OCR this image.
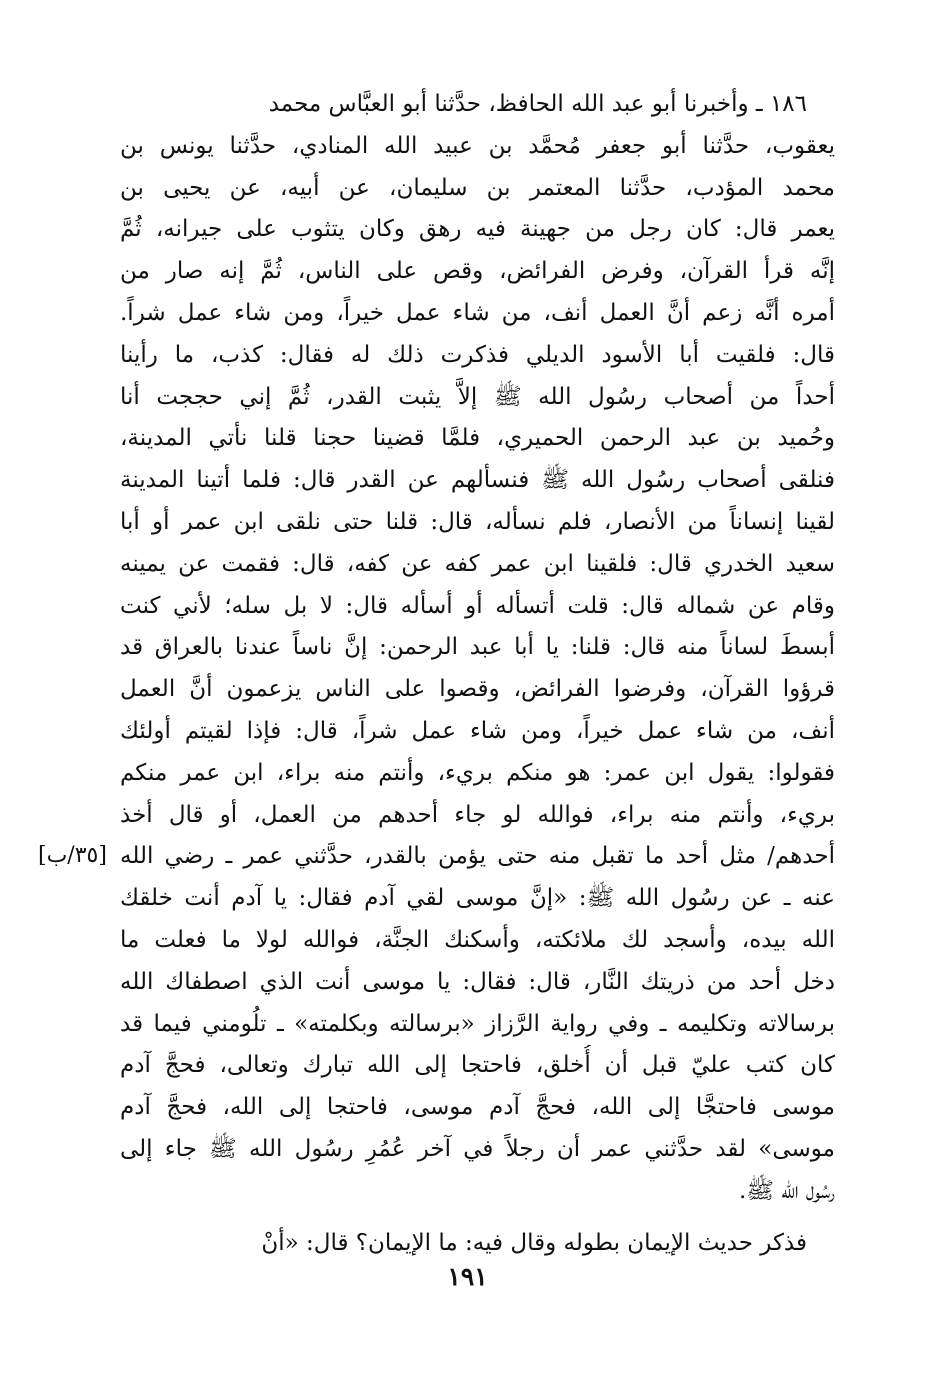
١٨٦ ـ وأخبرنا أبو عبد الله الحافظ، حدَّثنا أبو العبَّاس محمد
يعقوب، حدَّثنا أبو جعفر مُحمَّد بن عبيد الله المنادي، حدَّثنا يونس بن
محمد المؤدب، حدَّثنا المعتمر بن سليمان، عن أبيه، عن يحيى بن
يعمر قال: كان رجل من جهينة فيه رهق وكان يتثوب على جيرانه، ثُمَّ
إنَّه قرأ القرآن، وفرض الفرائض، وقص على الناس، ثُمَّ إنه صار من
أمره أنَّه زعم أنَّ العمل أنف، من شاء عمل خيراً، ومن شاء عمل شراً.
قال: فلقيت أبا الأسود الديلي فذكرت ذلك له فقال: كذب، ما رأينا
أحداً من أصحاب رسُول الله ﷺ إلاَّ يثبت القدر، ثُمَّ إني حججت أنا
وحُميد بن عبد الرحمن الحميري، فلمَّا قضينا حجنا قلنا نأتي المدينة،
فنلقى أصحاب رسُول الله ﷺ فنسألهم عن القدر قال: فلما أتينا المدينة
لقينا إنساناً من الأنصار، فلم نسأله، قال: قلنا حتى نلقى ابن عمر أو أبا
سعيد الخدري قال: فلقينا ابن عمر كفه عن كفه، قال: فقمت عن يمينه
وقام عن شماله قال: قلت أتسأله أو أسأله قال: لا بل سله؛ لأني كنت
أبسطَ لساناً منه قال: قلنا: يا أبا عبد الرحمن: إنَّ ناساً عندنا بالعراق قد
قرؤوا القرآن، وفرضوا الفرائض، وقصوا على الناس يزعمون أنَّ العمل
أنف، من شاء عمل خيراً، ومن شاء عمل شراً، قال: فإذا لقيتم أولئك
فقولوا: يقول ابن عمر: هو منكم بريء، وأنتم منه براء، ابن عمر منكم
بريء، وأنتم منه براء، فوالله لو جاء أحدهم من العمل، أو قال أخذ
أحدهم/ مثل أحد ما تقبل منه حتى يؤمن بالقدر، حدَّثني عمر ـ رضي الله
عنه ـ عن رسُول الله ﷺ: «إنَّ موسى لقي آدم فقال: يا آدم أنت خلقك
الله بيده، وأسجد لك ملائكته، وأسكنك الجنَّة، فوالله لولا ما فعلت ما
دخل أحد من ذريتك النَّار، قال: فقال: يا موسى أنت الذي اصطفاك الله
برسالاته وتكليمه ـ وفي رواية الرَّزاز «برسالته وبكلمته» ـ تلُومني فيما قد
كان كتب عليّ قبل أن أُخلق، فاحتجا إلى الله تبارك وتعالى، فحجَّ آدم
موسى فاحتجَّا إلى الله، فحجَّ آدم موسى، فاحتجا إلى الله، فحجَّ آدم
موسى» لقد حدَّثني عمر أن رجلاً في آخر عُمُرِ رسُول الله ﷺ جاء إلى
رسُول الله ﷺ.
فذكر حديث الإيمان بطوله وقال فيه: ما الإيمان؟ قال: «أنْ
[٣٥/ب]
١٩١
